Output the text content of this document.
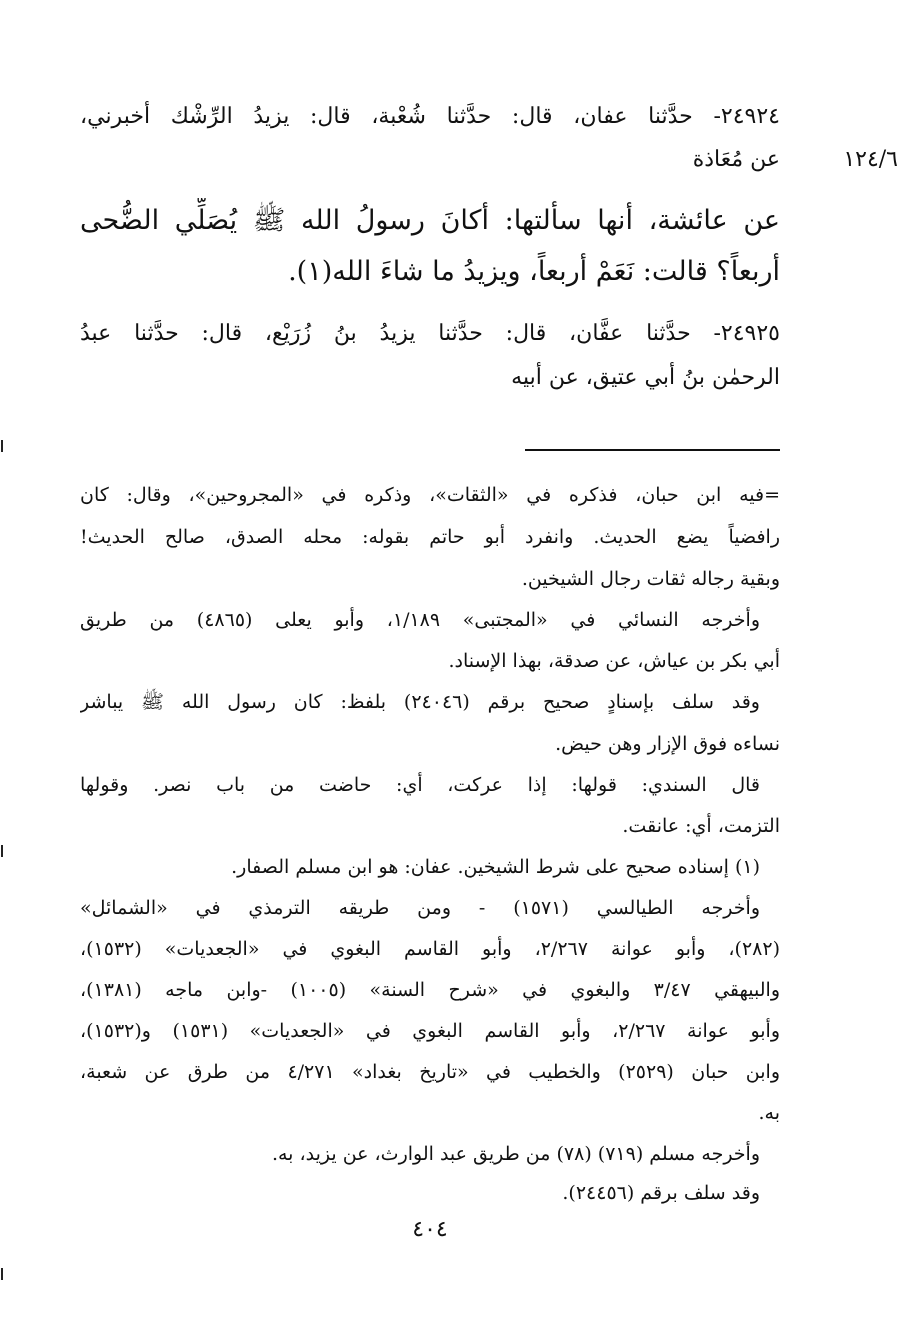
١٢٤/٦
٢٤٩٢٤- حدَّثنا عفان، قال: حدَّثنا شُعْبة، قال: يزيدُ الرِّشْك أخبرني،
عن مُعَاذة
عن عائشة، أنها سألتها: أكانَ رسولُ الله ﷺ يُصَلِّي الضُّحى
أربعاً؟ قالت: نَعَمْ أربعاً، ويزيدُ ما شاءَ الله(١).
٢٤٩٢٥- حدَّثنا عفَّان، قال: حدَّثنا يزيدُ بنُ زُرَيْع، قال: حدَّثنا عبدُ
الرحمٰن بنُ أبي عتيق، عن أبيه
=فيه ابن حبان، فذكره في «الثقات»، وذكره في «المجروحين»، وقال: كان
رافضياً يضع الحديث. وانفرد أبو حاتم بقوله: محله الصدق، صالح الحديث!
وبقية رجاله ثقات رجال الشيخين.
وأخرجه النسائي في «المجتبى» ١/١٨٩، وأبو يعلى (٤٨٦٥) من طريق
أبي بكر بن عياش، عن صدقة، بهذا الإسناد.
وقد سلف بإسنادٍ صحيح برقم (٢٤٠٤٦) بلفظ: كان رسول الله ﷺ يباشر
نساءه فوق الإزار وهن حيض.
قال السندي: قولها: إذا عركت، أي: حاضت من باب نصر. وقولها
التزمت، أي: عانقت.
(١) إسناده صحيح على شرط الشيخين. عفان: هو ابن مسلم الصفار.
وأخرجه الطيالسي (١٥٧١) - ومن طريقه الترمذي في «الشمائل»
(٢٨٢)، وأبو عوانة ٢/٢٦٧، وأبو القاسم البغوي في «الجعديات» (١٥٣٢)،
والبيهقي ٣/٤٧ والبغوي في «شرح السنة» (١٠٠٥) -وابن ماجه (١٣٨١)،
وأبو عوانة ٢/٢٦٧، وأبو القاسم البغوي في «الجعديات» (١٥٣١) و(١٥٣٢)،
وابن حبان (٢٥٢٩) والخطيب في «تاريخ بغداد» ٤/٢٧١ من طرق عن شعبة،
به.
وأخرجه مسلم (٧١٩) (٧٨) من طريق عبد الوارث، عن يزيد، به.
وقد سلف برقم (٢٤٤٥٦).
٤٠٤
